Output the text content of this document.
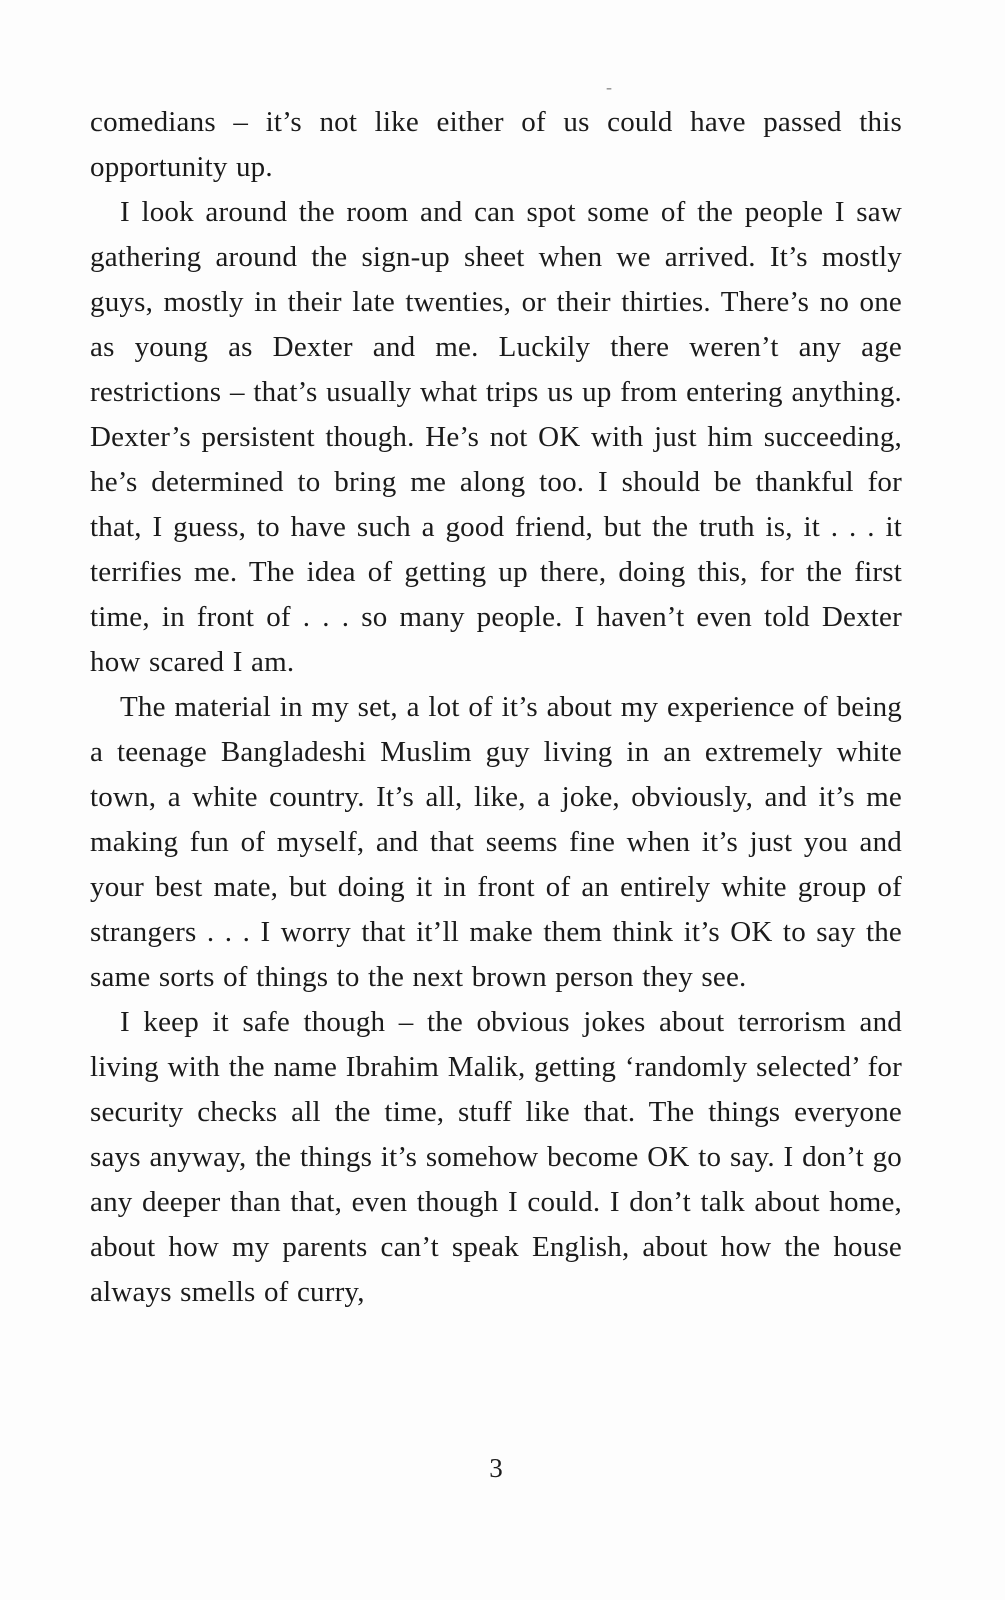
-

comedians – it’s not like either of us could have passed this opportunity up.

I look around the room and can spot some of the people I saw gathering around the sign-up sheet when we arrived. It’s mostly guys, mostly in their late twenties, or their thirties. There’s no one as young as Dexter and me. Luckily there weren’t any age restrictions – that’s usually what trips us up from entering anything. Dexter’s persistent though. He’s not OK with just him succeeding, he’s determined to bring me along too. I should be thankful for that, I guess, to have such a good friend, but the truth is, it . . . it terrifies me. The idea of getting up there, doing this, for the first time, in front of . . . so many people. I haven’t even told Dexter how scared I am.

The material in my set, a lot of it’s about my experience of being a teenage Bangladeshi Muslim guy living in an extremely white town, a white country. It’s all, like, a joke, obviously, and it’s me making fun of myself, and that seems fine when it’s just you and your best mate, but doing it in front of an entirely white group of strangers . . . I worry that it’ll make them think it’s OK to say the same sorts of things to the next brown person they see.

I keep it safe though – the obvious jokes about terrorism and living with the name Ibrahim Malik, getting ‘randomly selected’ for security checks all the time, stuff like that. The things everyone says anyway, the things it’s somehow become OK to say. I don’t go any deeper than that, even though I could. I don’t talk about home, about how my parents can’t speak English, about how the house always smells of curry,

3
